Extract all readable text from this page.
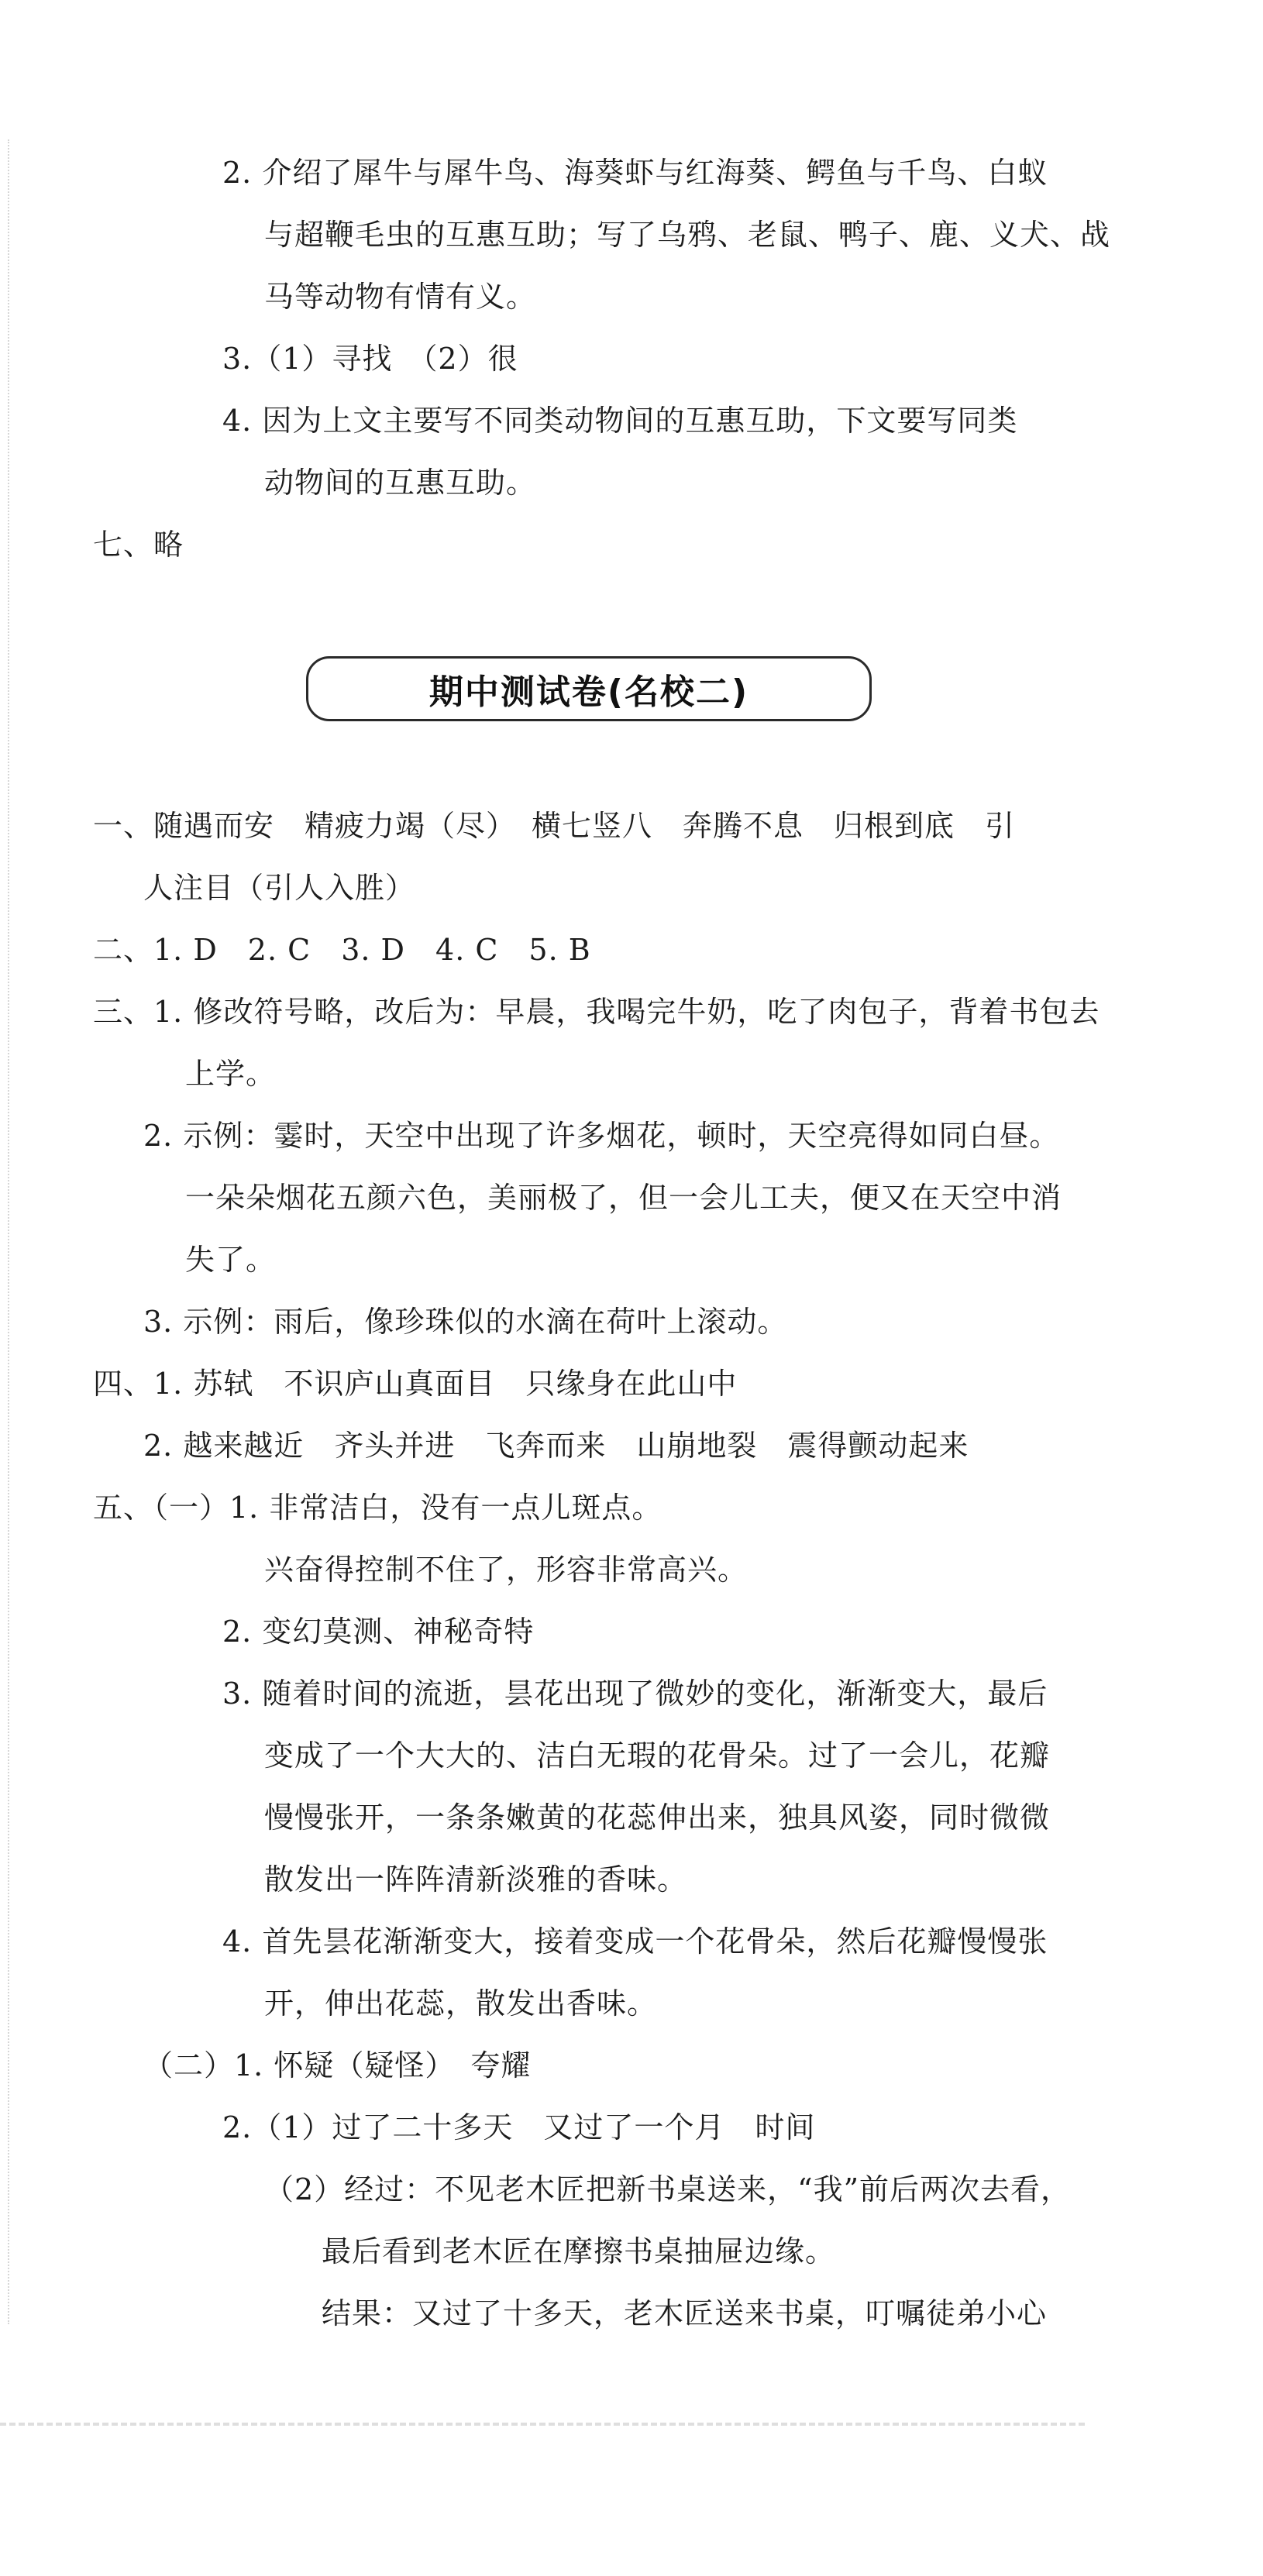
2. 介绍了犀牛与犀牛鸟、海葵虾与红海葵、鳄鱼与千鸟、白蚁
与超鞭毛虫的互惠互助；写了乌鸦、老鼠、鸭子、鹿、义犬、战
马等动物有情有义。
3.（1）寻找　（2）很
4. 因为上文主要写不同类动物间的互惠互助，下文要写同类
动物间的互惠互助。
七、略
期中测试卷(名校二)
一、随遇而安　精疲力竭（尽）　横七竖八　奔腾不息　归根到底　引
人注目（引人入胜）
二、1. D　2. C　3. D　4. C　5. B
三、1. 修改符号略，改后为：早晨，我喝完牛奶，吃了肉包子，背着书包去
上学。
2. 示例：霎时，天空中出现了许多烟花，顿时，天空亮得如同白昼。
一朵朵烟花五颜六色，美丽极了，但一会儿工夫，便又在天空中消
失了。
3. 示例：雨后，像珍珠似的水滴在荷叶上滚动。
四、1. 苏轼　不识庐山真面目　只缘身在此山中
2. 越来越近　齐头并进　飞奔而来　山崩地裂　震得颤动起来
五、（一）1. 非常洁白，没有一点儿斑点。
兴奋得控制不住了，形容非常高兴。
2. 变幻莫测、神秘奇特
3. 随着时间的流逝，昙花出现了微妙的变化，渐渐变大，最后
变成了一个大大的、洁白无瑕的花骨朵。过了一会儿，花瓣
慢慢张开，一条条嫩黄的花蕊伸出来，独具风姿，同时微微
散发出一阵阵清新淡雅的香味。
4. 首先昙花渐渐变大，接着变成一个花骨朵，然后花瓣慢慢张
开，伸出花蕊，散发出香味。
（二）1. 怀疑（疑怪）　夸耀
2.（1）过了二十多天　又过了一个月　时间
（2）经过：不见老木匠把新书桌送来，“我”前后两次去看，
最后看到老木匠在摩擦书桌抽屉边缘。
结果：又过了十多天，老木匠送来书桌，叮嘱徒弟小心
